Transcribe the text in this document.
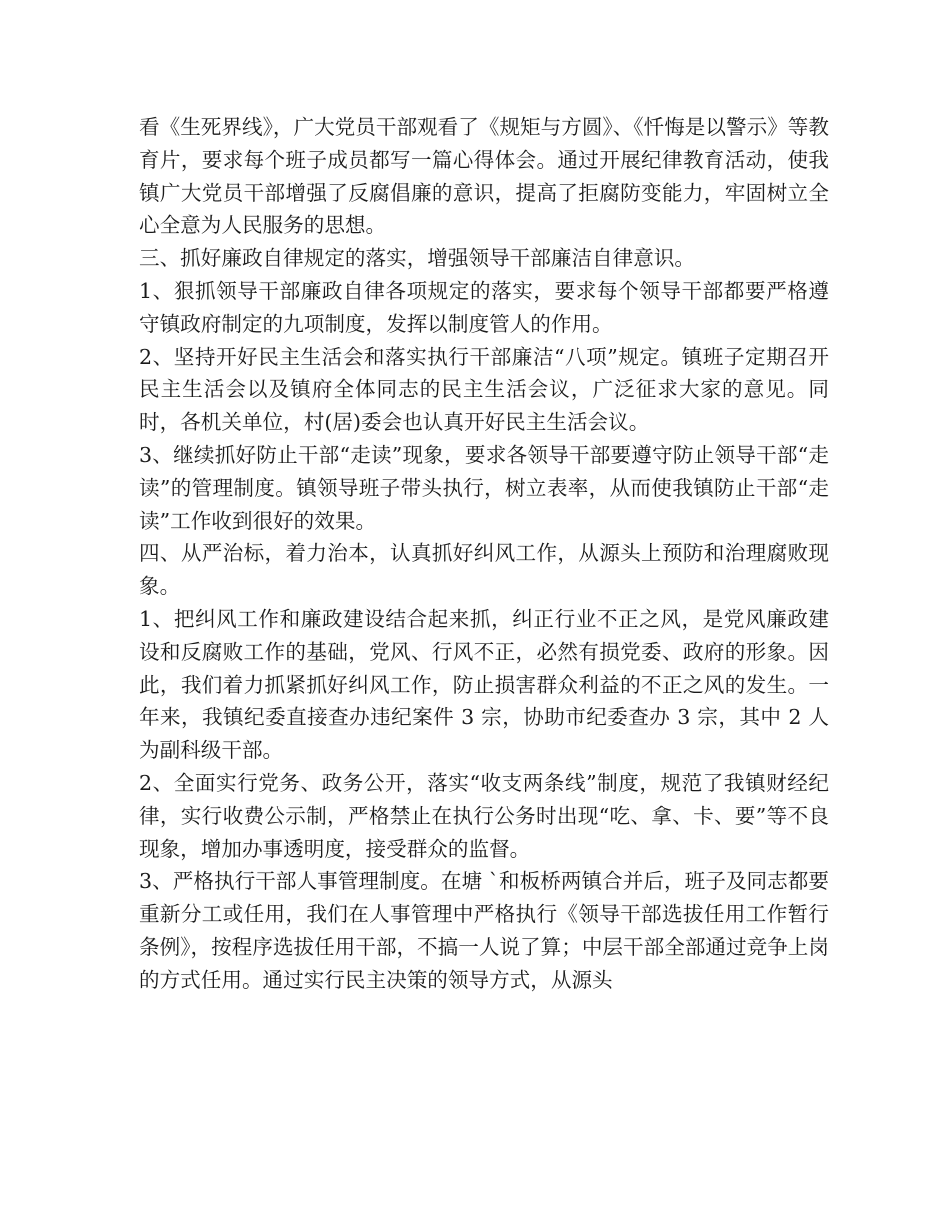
看《生死界线》，广大党员干部观看了《规矩与方圆》、《忏悔是以警示》等教育片，要求每个班子成员都写一篇心得体会。通过开展纪律教育活动，使我镇广大党员干部增强了反腐倡廉的意识，提高了拒腐防变能力，牢固树立全心全意为人民服务的思想。

三、抓好廉政自律规定的落实，增强领导干部廉洁自律意识。

1、狠抓领导干部廉政自律各项规定的落实，要求每个领导干部都要严格遵守镇政府制定的九项制度，发挥以制度管人的作用。

2、坚持开好民主生活会和落实执行干部廉洁“八项”规定。镇班子定期召开民主生活会以及镇府全体同志的民主生活会议，广泛征求大家的意见。同时，各机关单位，村(居)委会也认真开好民主生活会议。

3、继续抓好防止干部“走读”现象，要求各领导干部要遵守防止领导干部“走读”的管理制度。镇领导班子带头执行，树立表率，从而使我镇防止干部“走读”工作收到很好的效果。

四、从严治标，着力治本，认真抓好纠风工作，从源头上预防和治理腐败现象。

1、把纠风工作和廉政建设结合起来抓，纠正行业不正之风，是党风廉政建设和反腐败工作的基础，党风、行风不正，必然有损党委、政府的形象。因此，我们着力抓紧抓好纠风工作，防止损害群众利益的不正之风的发生。一年来，我镇纪委直接查办违纪案件 3 宗，协助市纪委查办 3 宗，其中 2 人为副科级干部。

2、全面实行党务、政务公开，落实“收支两条线”制度，规范了我镇财经纪律，实行收费公示制，严格禁止在执行公务时出现“吃、拿、卡、要”等不良现象，增加办事透明度，接受群众的监督。

3、严格执行干部人事管理制度。在塘 `和板桥两镇合并后，班子及同志都要重新分工或任用，我们在人事管理中严格执行《领导干部选拔任用工作暂行条例》，按程序选拔任用干部，不搞一人说了算；中层干部全部通过竞争上岗的方式任用。通过实行民主决策的领导方式，从源头
